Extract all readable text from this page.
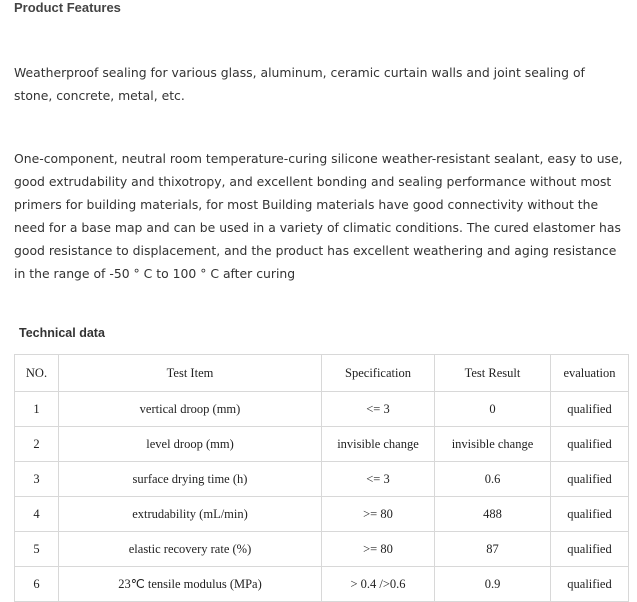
Product Features

Weatherproof sealing for various glass, aluminum, ceramic curtain walls and joint sealing of stone, concrete, metal, etc.

One-component, neutral room temperature-curing silicone weather-resistant sealant, easy to use, good extrudability and thixotropy, and excellent bonding and sealing performance without most primers for building materials, for most Building materials have good connectivity without the need for a base map and can be used in a variety of climatic conditions. The cured elastomer has good resistance to displacement, and the product has excellent weathering and aging resistance in the range of -50 ° C to 100 ° C after curing

Technical data
NO.	Test Item	Specification	Test Result	evaluation
1	vertical droop (mm)	<= 3	0	qualified
2	level droop (mm)	invisible change	invisible change	qualified
3	surface drying time (h)	<= 3	0.6	qualified
4	extrudability (mL/min)	>= 80	488	qualified
5	elastic recovery rate (%)	>= 80	87	qualified
6	23℃ tensile modulus (MPa)	> 0.4 />0.6	0.9	qualified
